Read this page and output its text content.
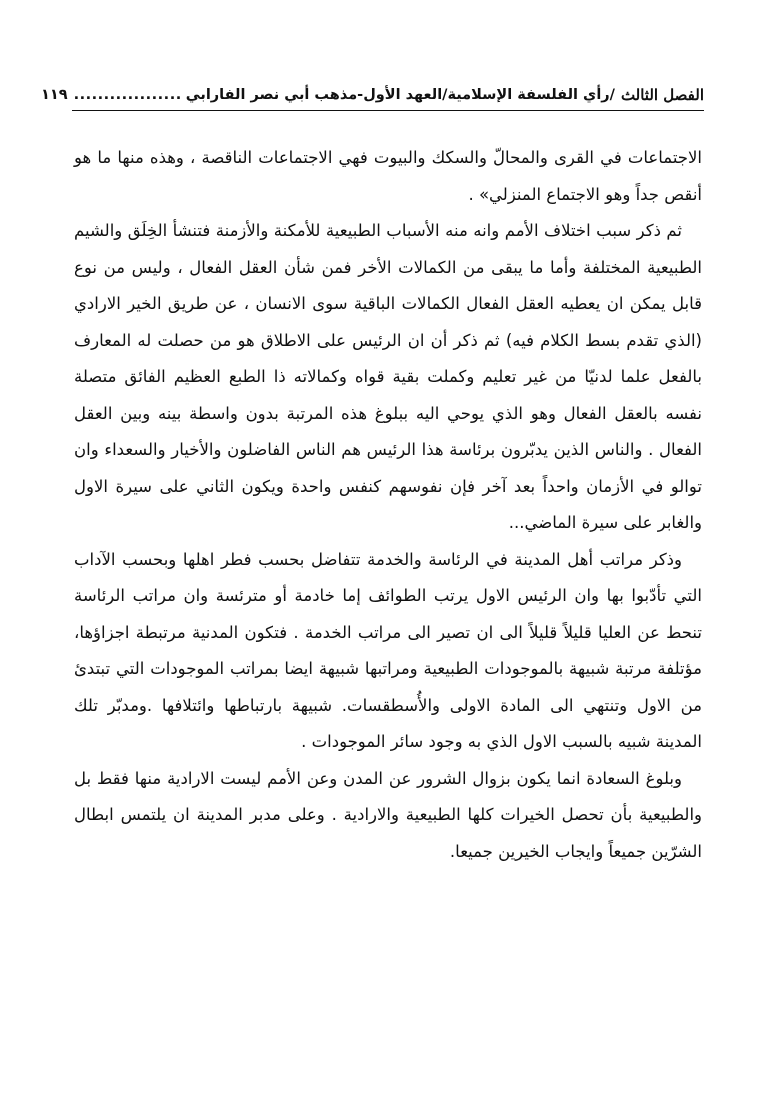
الفصل الثالث
/رأي الفلسفة الإسلامية/العهد الأول-مذهب أبي نصر الفارابي
..................
١١٩

الاجتماعات في القرى والمحالّ والسكك والبيوت فهي الاجتماعات الناقصة ، وهذه منها ما هو أنقص جداً وهو الاجتماع المنزلي» .

ثم ذكر سبب اختلاف الأمم وانه منه الأسباب الطبيعية للأمكنة والأزمنة فتنشأ الخِلَق والشيم الطبيعية المختلفة وأما ما يبقى من الكمالات الأخر فمن شأن العقل الفعال ، وليس من نوع قابل يمكن ان يعطيه العقل الفعال الكمالات الباقية سوى الانسان ، عن طريق الخير الارادي (الذي تقدم بسط الكلام فيه) ثم ذكر أن ان الرئيس على الاطلاق هو من حصلت له المعارف بالفعل علما لدنيّا من غير تعليم وكملت بقية قواه وكمالاته ذا الطبع العظيم الفائق متصلة نفسه بالعقل الفعال وهو الذي يوحي اليه ببلوغ هذه المرتبة بدون واسطة بينه وبين العقل الفعال . والناس الذين يدبّرون برئاسة هذا الرئيس هم الناس الفاضلون والأخيار والسعداء وان توالو في الأزمان واحداً بعد آخر فإن نفوسهم كنفس واحدة ويكون الثاني على سيرة الاول والغابر على سيرة الماضي...

وذكر مراتب أهل المدينة في الرئاسة والخدمة تتفاضل بحسب فطر اهلها وبحسب الآداب التي تأدّبوا بها وان الرئيس الاول يرتب الطوائف إما خادمة أو مترئسة وان مراتب الرئاسة تنحط عن العليا قليلاً قليلاً الى ان تصير الى مراتب الخدمة . فتكون المدنية مرتبطة اجزاؤها، مؤتلفة مرتبة شبيهة بالموجودات الطبيعية ومراتبها شبيهة ايضا بمراتب الموجودات التي تبتدئ من الاول وتنتهي الى المادة الاولى والأُسطقسات. شبيهة بارتباطها وائتلافها .ومدبّر تلك المدينة شبيه بالسبب الاول الذي به وجود سائر الموجودات .

وبلوغ السعادة انما يكون بزوال الشرور عن المدن وعن الأمم ليست الارادية منها فقط بل والطبيعية بأن تحصل الخيرات كلها الطبيعية والارادية . وعلى مدبر المدينة ان يلتمس ابطال الشرّين جميعاً وايجاب الخيرين جميعا.
